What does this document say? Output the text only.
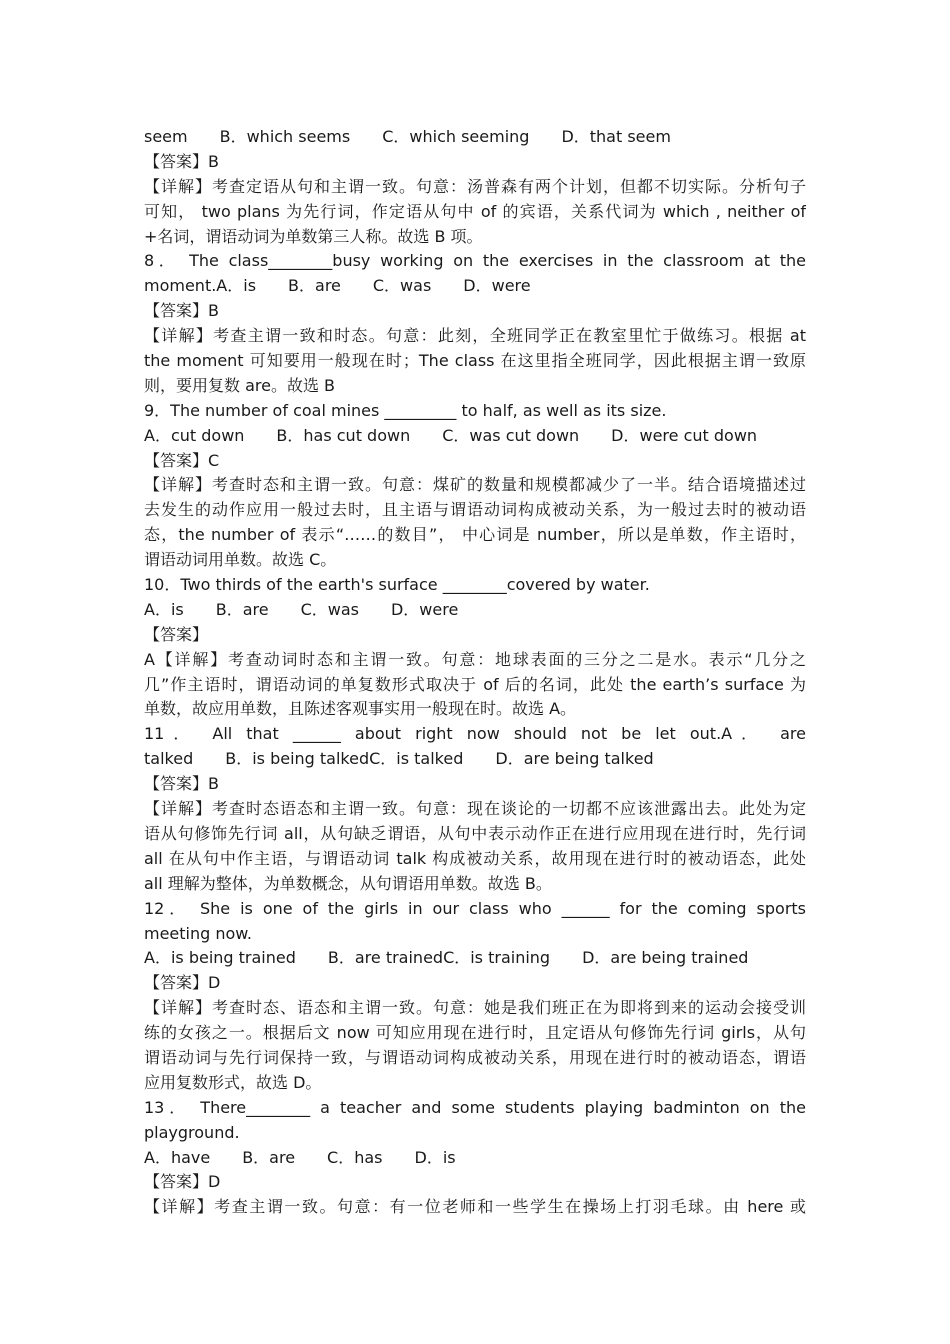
seem　　B．which seems　　C．which seeming　　D．that seem
【答案】B
【详解】考查定语从句和主谓一致。句意：汤普森有两个计划，但都不切实际。分析句子
可知， two plans 为先行词，作定语从句中 of 的宾语，关系代词为 which , neither of
+名词，谓语动词为单数第三人称。故选 B 项。
8． The class________busy working on the exercises in the classroom at the
moment.A．is　　B．are　　C．was　　D．were
【答案】B
【详解】考查主谓一致和时态。句意：此刻，全班同学正在教室里忙于做练习。根据 at
the moment 可知要用一般现在时；The class 在这里指全班同学，因此根据主谓一致原
则，要用复数 are。故选 B
9．The number of coal mines _________ to half, as well as its size.
A．cut down　　B．has cut down　　C．was cut down　　D．were cut down
【答案】C
【详解】考查时态和主谓一致。句意：煤矿的数量和规模都减少了一半。结合语境描述过
去发生的动作应用一般过去时，且主语与谓语动词构成被动关系，为一般过去时的被动语
态，the number of 表示“……的数目”， 中心词是 number，所以是单数，作主语时，
谓语动词用单数。故选 C。
10．Two thirds of the earth's surface ________covered by water.
A．is　　B．are　　C．was　　D．were
【答案】
A【详解】考查动词时态和主谓一致。句意：地球表面的三分之二是水。表示“几分之
几”作主语时，谓语动词的单复数形式取决于 of 后的名词，此处 the earth’s surface 为
单数，故应用单数，且陈述客观事实用一般现在时。故选 A。
11． All that ______ about right now should not be let out.A． are
talked　　B．is being talkedC．is talked　　D．are being talked
【答案】B
【详解】考查时态语态和主谓一致。句意：现在谈论的一切都不应该泄露出去。此处为定
语从句修饰先行词 all，从句缺乏谓语，从句中表示动作正在进行应用现在进行时，先行词
all 在从句中作主语，与谓语动词 talk 构成被动关系，故用现在进行时的被动语态，此处
all 理解为整体，为单数概念，从句谓语用单数。故选 B。
12． She is one of the girls in our class who ______ for the coming sports
meeting now.
A．is being trained　　B．are trainedC．is training　　D．are being trained
【答案】D
【详解】考查时态、语态和主谓一致。句意：她是我们班正在为即将到来的运动会接受训
练的女孩之一。根据后文 now 可知应用现在进行时，且定语从句修饰先行词 girls，从句
谓语动词与先行词保持一致，与谓语动词构成被动关系，用现在进行时的被动语态，谓语
应用复数形式，故选 D。
13． There________ a teacher and some students playing badminton on the
playground.
A．have　　B．are　　C．has　　D．is
【答案】D
【详解】考查主谓一致。句意：有一位老师和一些学生在操场上打羽毛球。由 here 或
